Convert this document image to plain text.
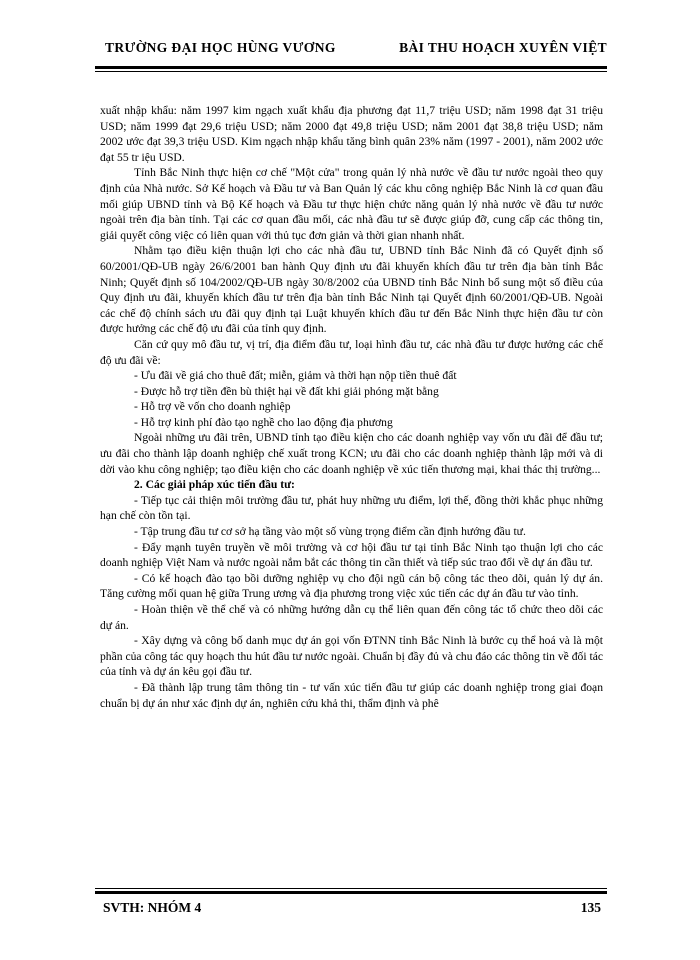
TRƯỜNG ĐẠI HỌC HÙNG VƯƠNG	BÀI THU HOẠCH XUYÊN VIỆT

xuất nhập khẩu: năm 1997 kim ngạch xuất khẩu địa phương đạt 11,7 triệu USD; năm 1998 đạt 31 triệu USD; năm 1999 đạt 29,6 triệu USD; năm 2000 đạt 49,8 triệu USD; năm 2001 đạt 38,8 triệu USD; năm 2002 ước đạt 39,3 triệu USD. Kim ngạch nhập khẩu tăng bình quân 23% năm (1997 - 2001), năm 2002 ước đạt 55 tr iệu USD.

Tỉnh Bắc Ninh thực hiện cơ chế "Một cửa" trong quản lý nhà nước về đầu tư nước ngoài theo quy định của Nhà nước. Sở Kế hoạch và Đầu tư và Ban Quản lý các khu công nghiệp Bắc Ninh là cơ quan đầu mối giúp UBND tỉnh và Bộ Kế hoạch và Đầu tư thực hiện chức năng quản lý nhà nước về đầu tư nước ngoài trên địa bàn tỉnh. Tại các cơ quan đầu mối, các nhà đầu tư sẽ được giúp đỡ, cung cấp các thông tin, giải quyết công việc có liên quan với thủ tục đơn giản và thời gian nhanh nhất.

Nhằm tạo điều kiện thuận lợi cho các nhà đầu tư, UBND tỉnh Bắc Ninh đã có Quyết định số 60/2001/QĐ-UB ngày 26/6/2001 ban hành Quy định ưu đãi khuyến khích đầu tư trên địa bàn tỉnh Bắc Ninh; Quyết định số 104/2002/QĐ-UB ngày 30/8/2002 của UBND tỉnh Bắc Ninh bổ sung một số điều của Quy định ưu đãi, khuyến khích đầu tư trên địa bàn tỉnh Bắc Ninh tại Quyết định 60/2001/QĐ-UB. Ngoài các chế độ chính sách ưu đãi quy định tại Luật khuyến khích đầu tư đến Bắc Ninh thực hiện đầu tư còn được hưởng các chế độ ưu đãi của tỉnh quy định.

Căn cứ quy mô đầu tư, vị trí, địa điểm đầu tư, loại hình đầu tư, các nhà đầu tư được hưởng các chế độ ưu đãi về:

- Ưu đãi về giá cho thuê đất; miễn, giảm và thời hạn nộp tiền thuê đất

- Được hỗ trợ tiền đền bù thiệt hại về đất khi giải phóng mặt bằng

- Hỗ trợ về vốn cho doanh nghiệp

- Hỗ trợ kinh phí đào tạo nghề cho lao động địa phương

Ngoài những ưu đãi trên, UBND tỉnh tạo điều kiện cho các doanh nghiệp vay vốn ưu đãi để đầu tư; ưu đãi cho thành lập doanh nghiệp chế xuất trong KCN; ưu đãi cho các doanh nghiệp thành lập mới và di dời vào khu công nghiệp; tạo điều kiện cho các doanh nghiệp về xúc tiến thương mại, khai thác thị trường...

2. Các giải pháp xúc tiến đầu tư:

- Tiếp tục cải thiện môi trường đầu tư, phát huy những ưu điểm, lợi thế, đồng thời khắc phục những hạn chế còn tồn tại.

- Tập trung đầu tư cơ sở hạ tầng vào một số vùng trọng điểm cần định hướng đầu tư.

- Đẩy mạnh tuyên truyền về môi trường và cơ hội đầu tư tại tỉnh Bắc Ninh tạo thuận lợi cho các doanh nghiệp Việt Nam và nước ngoài nắm bắt các thông tin cần thiết và tiếp súc trao đổi về dự án đầu tư.

- Có kế hoạch đào tạo bồi dưỡng nghiệp vụ cho đội ngũ cán bộ công tác theo dõi, quản lý dự án. Tăng cường mối quan hệ giữa Trung ương và địa phương trong việc xúc tiến các dự án đầu tư vào tỉnh.

- Hoàn thiện về thể chế và có những hướng dẫn cụ thể liên quan đến công tác tổ chức theo dõi các dự án.

- Xây dựng và công bố danh mục dự án gọi vốn ĐTNN tỉnh Bắc Ninh là bước cụ thể hoá và là một phần của công tác quy hoạch thu hút đầu tư nước ngoài. Chuẩn bị đầy đủ và chu đáo các thông tin về đối tác của tỉnh và dự án kêu gọi đầu tư.

- Đã thành lập trung tâm thông tin - tư vấn xúc tiến đầu tư giúp các doanh nghiệp trong giai đoạn chuẩn bị dự án như xác định dự án, nghiên cứu khả thi, thẩm định và phê

SVTH: NHÓM 4	135
